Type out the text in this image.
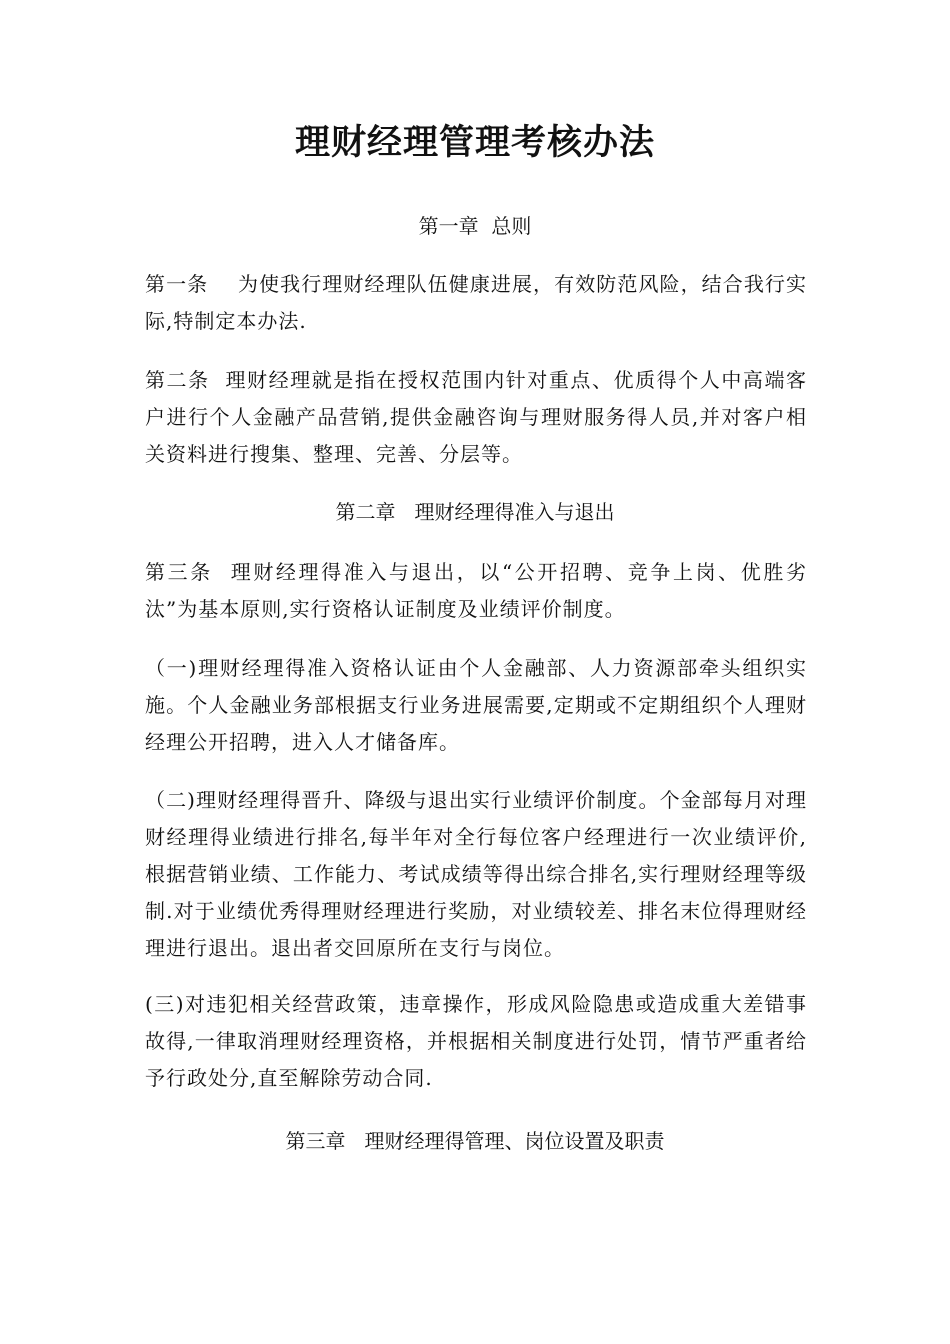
理财经理管理考核办法

第一章  总则

第一条    为使我行理财经理队伍健康进展，有效防范风险，结合我行实际,特制定本办法.

第二条  理财经理就是指在授权范围内针对重点、优质得个人中高端客户进行个人金融产品营销,提供金融咨询与理财服务得人员,并对客户相关资料进行搜集、整理、完善、分层等。

第二章   理财经理得准入与退出

第三条  理财经理得准入与退出，以“公开招聘、竞争上岗、优胜劣汰”为基本原则,实行资格认证制度及业绩评价制度。

（一)理财经理得准入资格认证由个人金融部、人力资源部牵头组织实施。个人金融业务部根据支行业务进展需要,定期或不定期组织个人理财经理公开招聘，进入人才储备库。

（二)理财经理得晋升、降级与退出实行业绩评价制度。个金部每月对理财经理得业绩进行排名,每半年对全行每位客户经理进行一次业绩评价,根据营销业绩、工作能力、考试成绩等得出综合排名,实行理财经理等级制.对于业绩优秀得理财经理进行奖励，对业绩较差、排名末位得理财经理进行退出。退出者交回原所在支行与岗位。

(三)对违犯相关经营政策，违章操作，形成风险隐患或造成重大差错事故得,一律取消理财经理资格，并根据相关制度进行处罚，情节严重者给予行政处分,直至解除劳动合同.

第三章   理财经理得管理、岗位设置及职责
